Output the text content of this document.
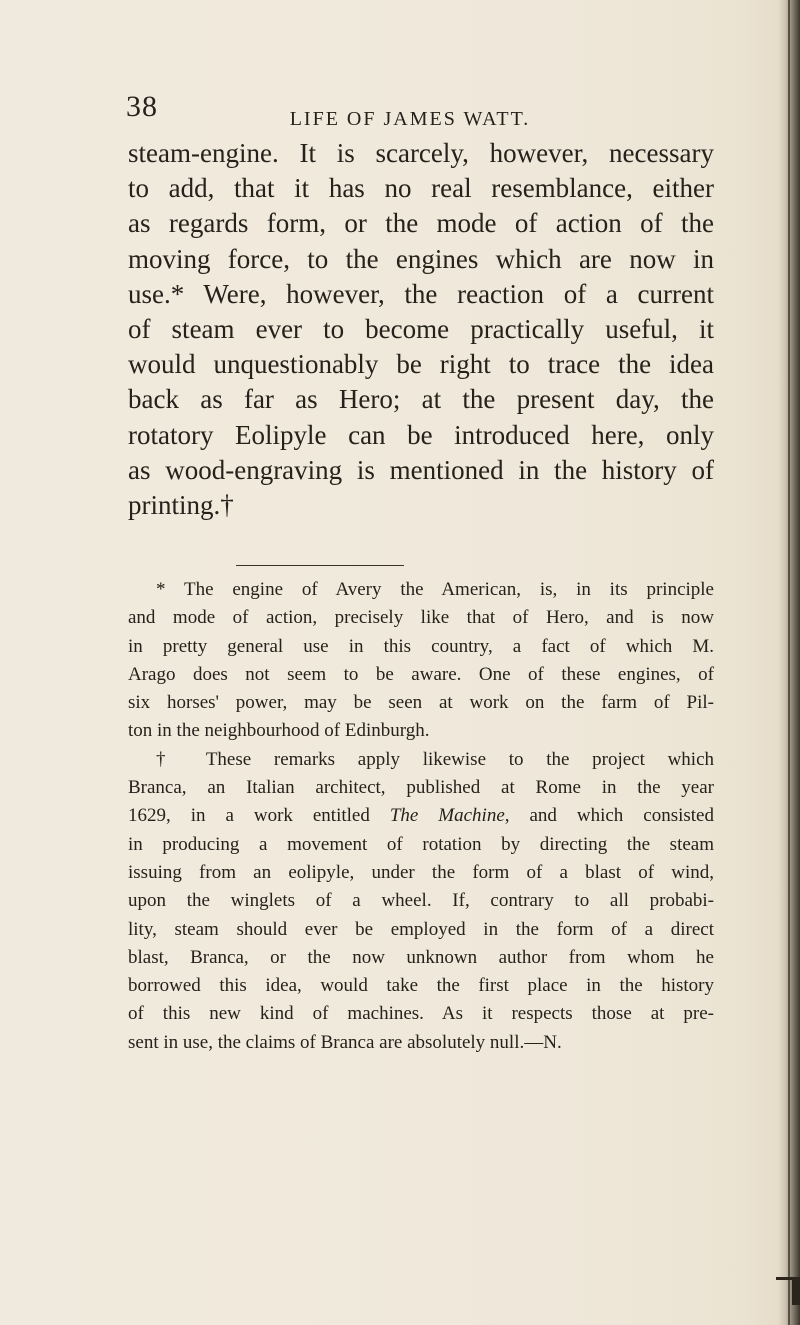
38	LIFE OF JAMES WATT.
steam-engine. It is scarcely, however, necessary
to add, that it has no real resemblance, either
as regards form, or the mode of action of the
moving force, to the engines which are now in
use.* Were, however, the reaction of a current
of steam ever to become practically useful, it
would unquestionably be right to trace the idea
back as far as Hero; at the present day, the
rotatory Eolipyle can be introduced here, only
as wood-engraving is mentioned in the history of
printing.†
* The engine of Avery the American, is, in its principle
and mode of action, precisely like that of Hero, and is now
in pretty general use in this country, a fact of which M.
Arago does not seem to be aware. One of these engines, of
six horses' power, may be seen at work on the farm of Pil-
ton in the neighbourhood of Edinburgh.
† These remarks apply likewise to the project which
Branca, an Italian architect, published at Rome in the year
1629, in a work entitled The Machine, and which consisted
in producing a movement of rotation by directing the steam
issuing from an eolipyle, under the form of a blast of wind,
upon the winglets of a wheel. If, contrary to all probabi-
lity, steam should ever be employed in the form of a direct
blast, Branca, or the now unknown author from whom he
borrowed this idea, would take the first place in the history
of this new kind of machines. As it respects those at pre-
sent in use, the claims of Branca are absolutely null.—N.
